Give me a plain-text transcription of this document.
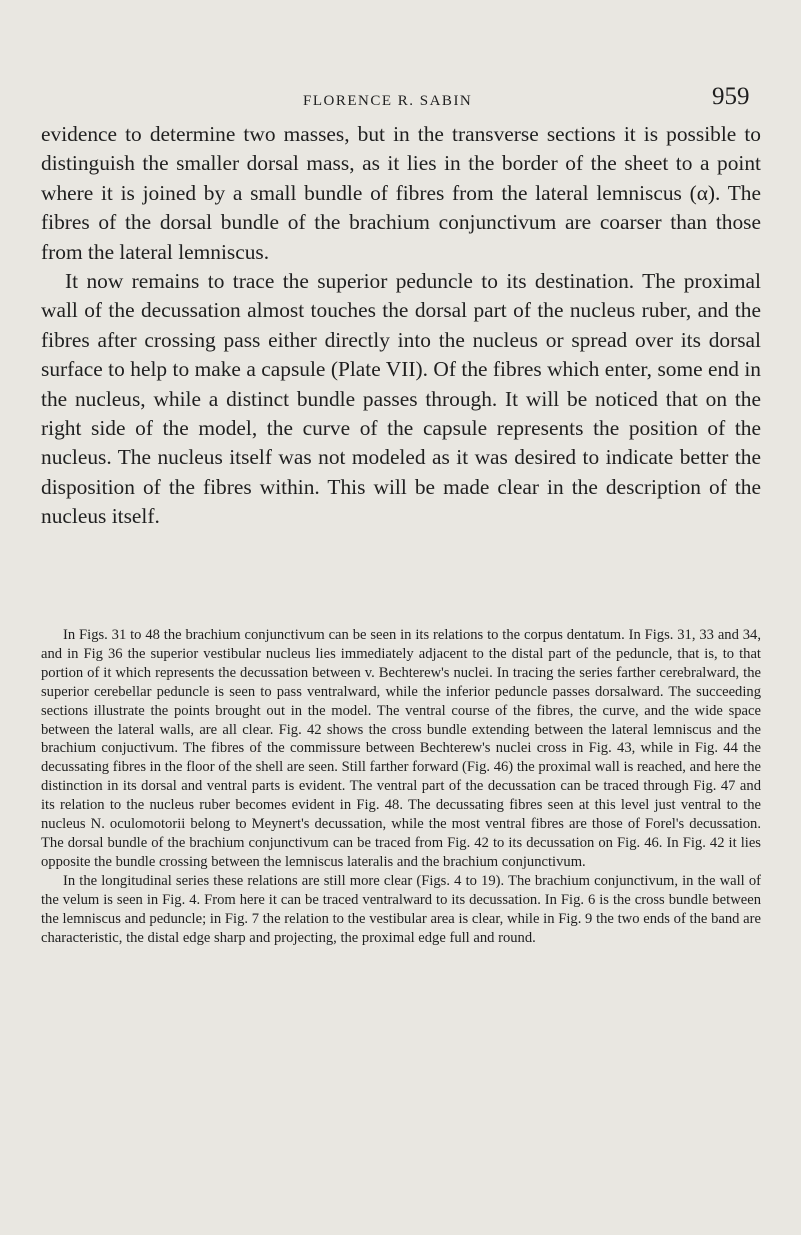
FLORENCE R. SABIN	959

evidence to determine two masses, but in the transverse sections it is possible to distinguish the smaller dorsal mass, as it lies in the border of the sheet to a point where it is joined by a small bundle of fibres from the lateral lemniscus (α). The fibres of the dorsal bundle of the brachium conjunctivum are coarser than those from the lateral lemniscus.

It now remains to trace the superior peduncle to its destination. The proximal wall of the decussation almost touches the dorsal part of the nucleus ruber, and the fibres after crossing pass either directly into the nucleus or spread over its dorsal surface to help to make a capsule (Plate VII). Of the fibres which enter, some end in the nucleus, while a distinct bundle passes through. It will be noticed that on the right side of the model, the curve of the capsule represents the position of the nucleus. The nucleus itself was not modeled as it was desired to indicate better the disposition of the fibres within. This will be made clear in the description of the nucleus itself.

In Figs. 31 to 48 the brachium conjunctivum can be seen in its relations to the corpus dentatum. In Figs. 31, 33 and 34, and in Fig 36 the superior vestibular nucleus lies immediately adjacent to the distal part of the peduncle, that is, to that portion of it which represents the decussation between v. Bechterew's nuclei. In tracing the series farther cerebralward, the superior cerebellar peduncle is seen to pass ventralward, while the inferior peduncle passes dorsalward. The succeeding sections illustrate the points brought out in the model. The ventral course of the fibres, the curve, and the wide space between the lateral walls, are all clear. Fig. 42 shows the cross bundle extending between the lateral lemniscus and the brachium conjuctivum. The fibres of the commissure between Bechterew's nuclei cross in Fig. 43, while in Fig. 44 the decussating fibres in the floor of the shell are seen. Still farther forward (Fig. 46) the proximal wall is reached, and here the distinction in its dorsal and ventral parts is evident. The ventral part of the decussation can be traced through Fig. 47 and its relation to the nucleus ruber becomes evident in Fig. 48. The decussating fibres seen at this level just ventral to the nucleus N. oculomotorii belong to Meynert's decussation, while the most ventral fibres are those of Forel's decussation. The dorsal bundle of the brachium conjunctivum can be traced from Fig. 42 to its decussation on Fig. 46. In Fig. 42 it lies opposite the bundle crossing between the lemniscus lateralis and the brachium conjunctivum.

In the longitudinal series these relations are still more clear (Figs. 4 to 19). The brachium conjunctivum, in the wall of the velum is seen in Fig. 4. From here it can be traced ventralward to its decussation. In Fig. 6 is the cross bundle between the lemniscus and peduncle; in Fig. 7 the relation to the vestibular area is clear, while in Fig. 9 the two ends of the band are characteristic, the distal edge sharp and projecting, the proximal edge full and round.
